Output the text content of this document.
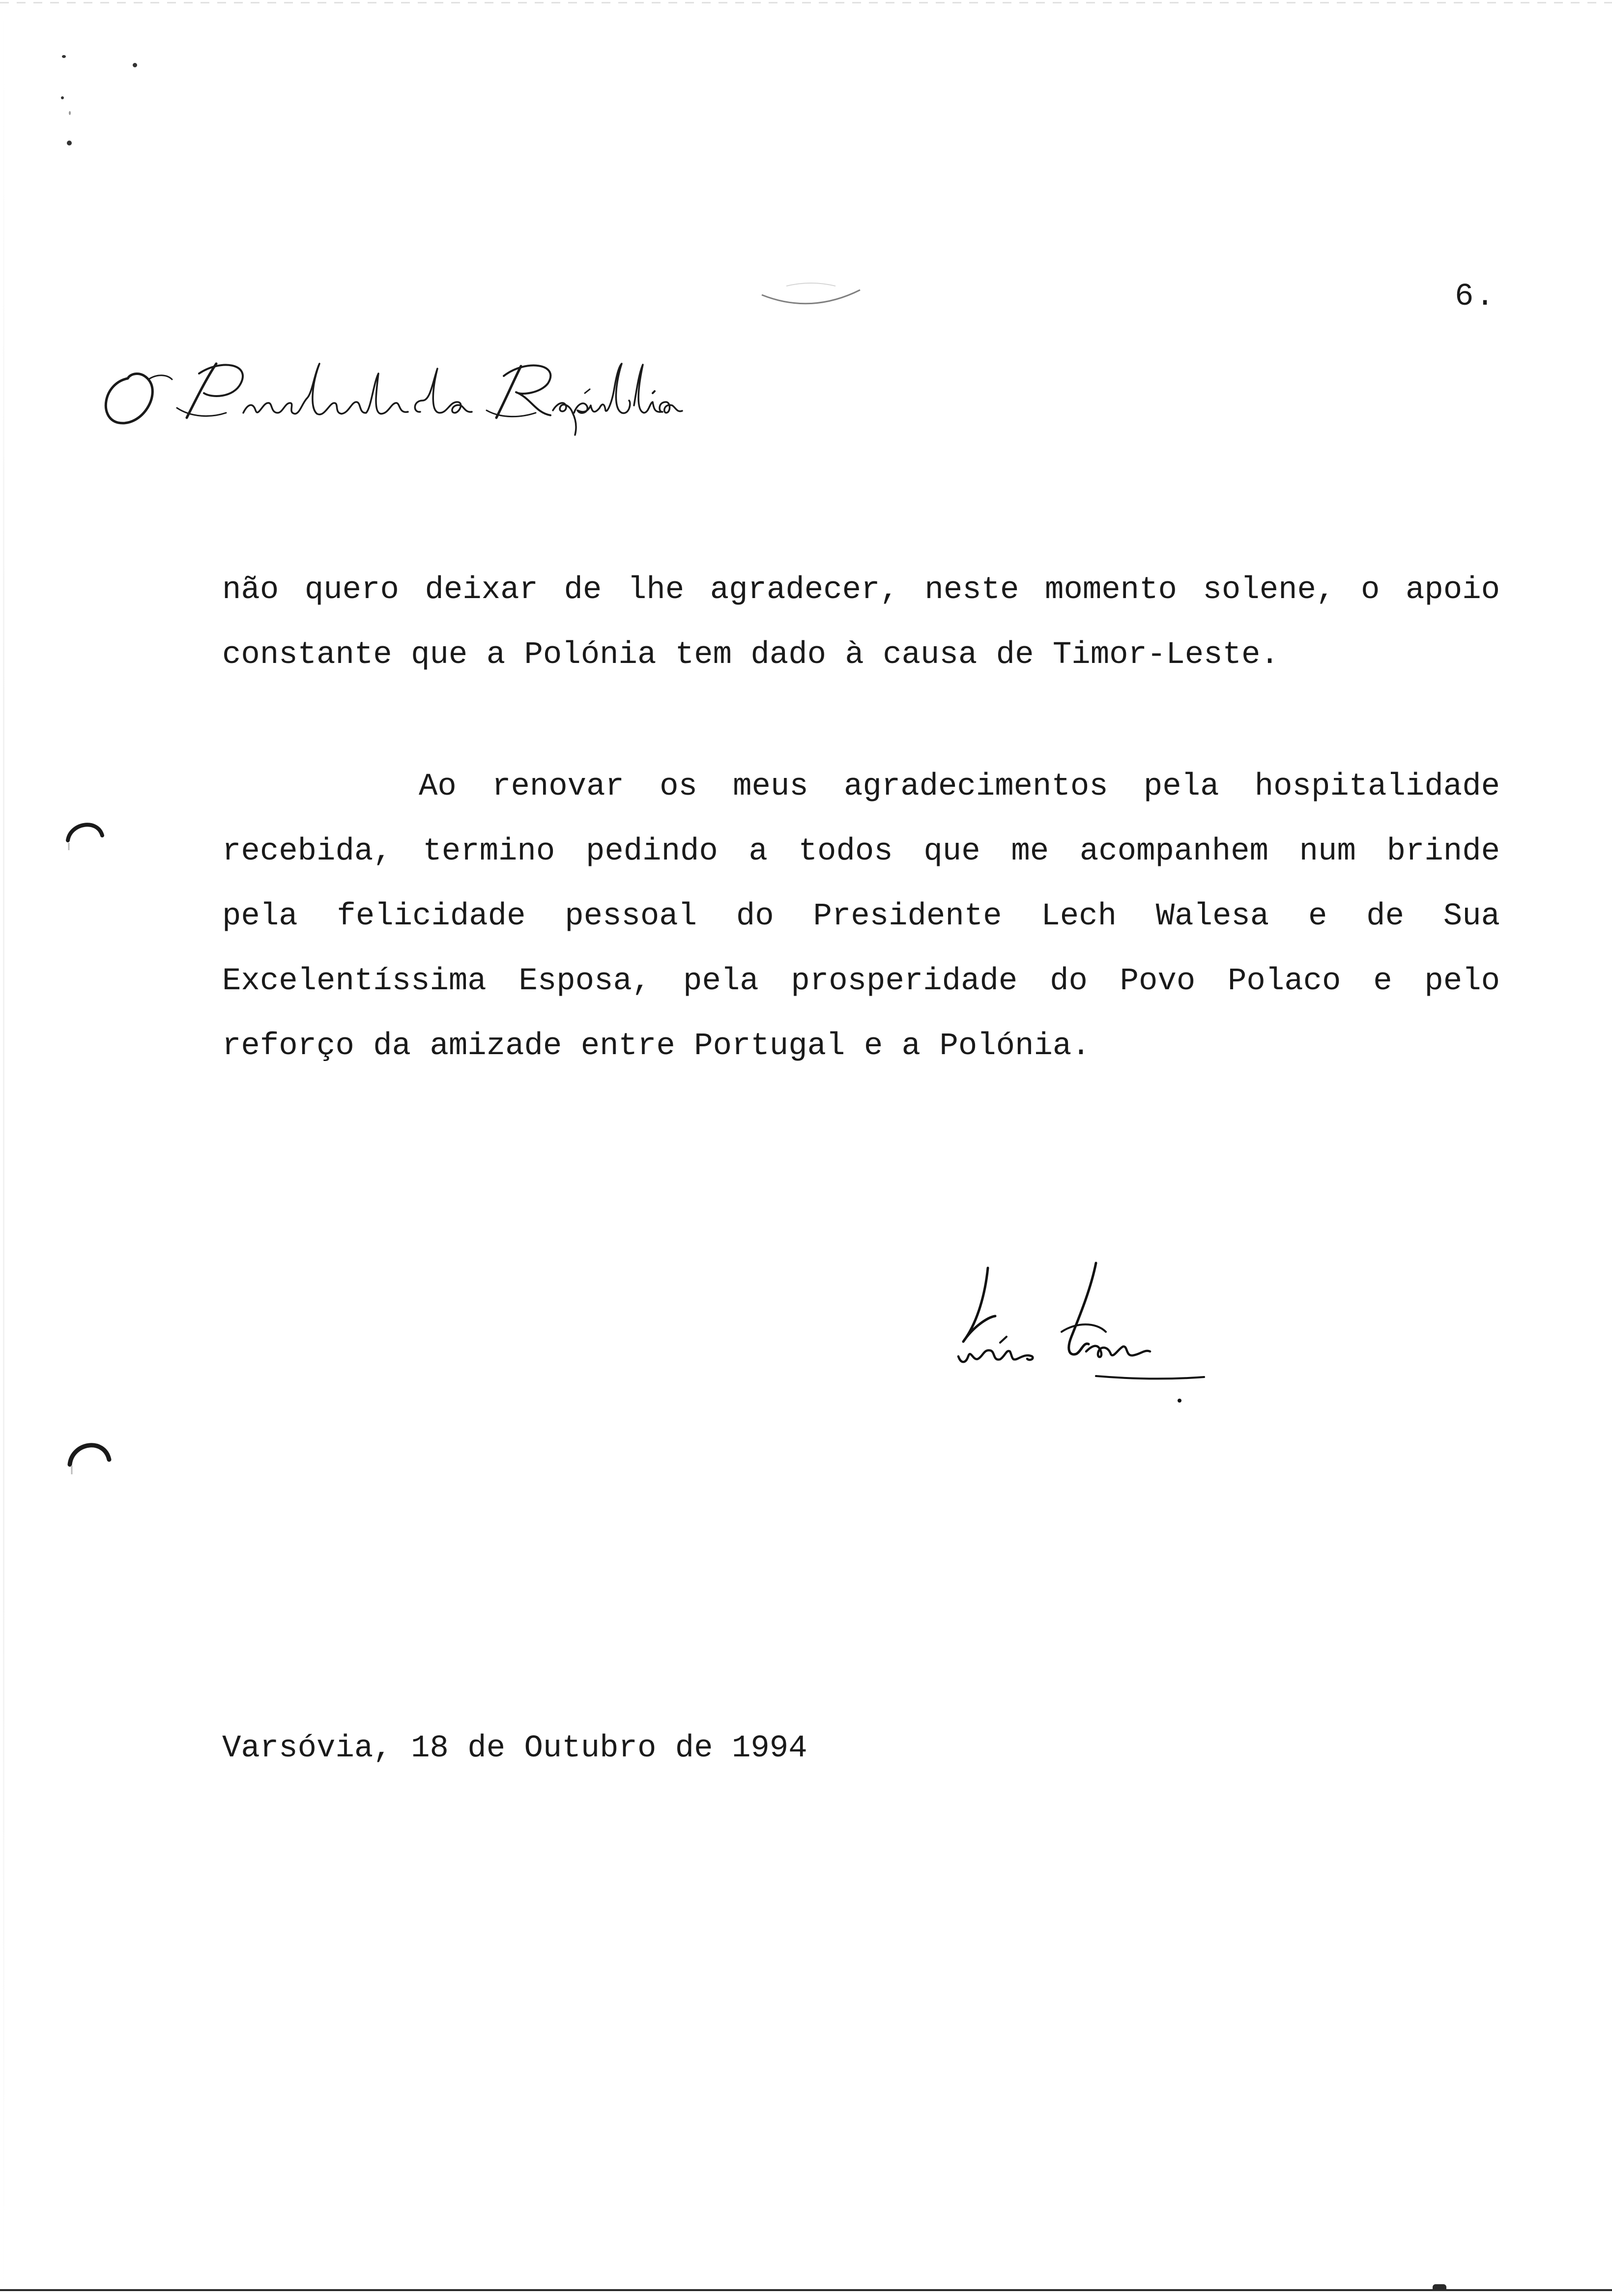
6.
não quero deixar de lhe agradecer, neste momento solene, o apoio
constante que a Polónia tem dado à causa de Timor-Leste.
Ao renovar os meus agradecimentos pela hospitalidade
recebida, termino pedindo a todos que me acompanhem num brinde
pela felicidade pessoal do Presidente Lech Walesa e de Sua
Excelentíssima Esposa, pela prosperidade do Povo Polaco e pelo
reforço da amizade entre Portugal e a Polónia.
Varsóvia, 18 de Outubro de 1994
